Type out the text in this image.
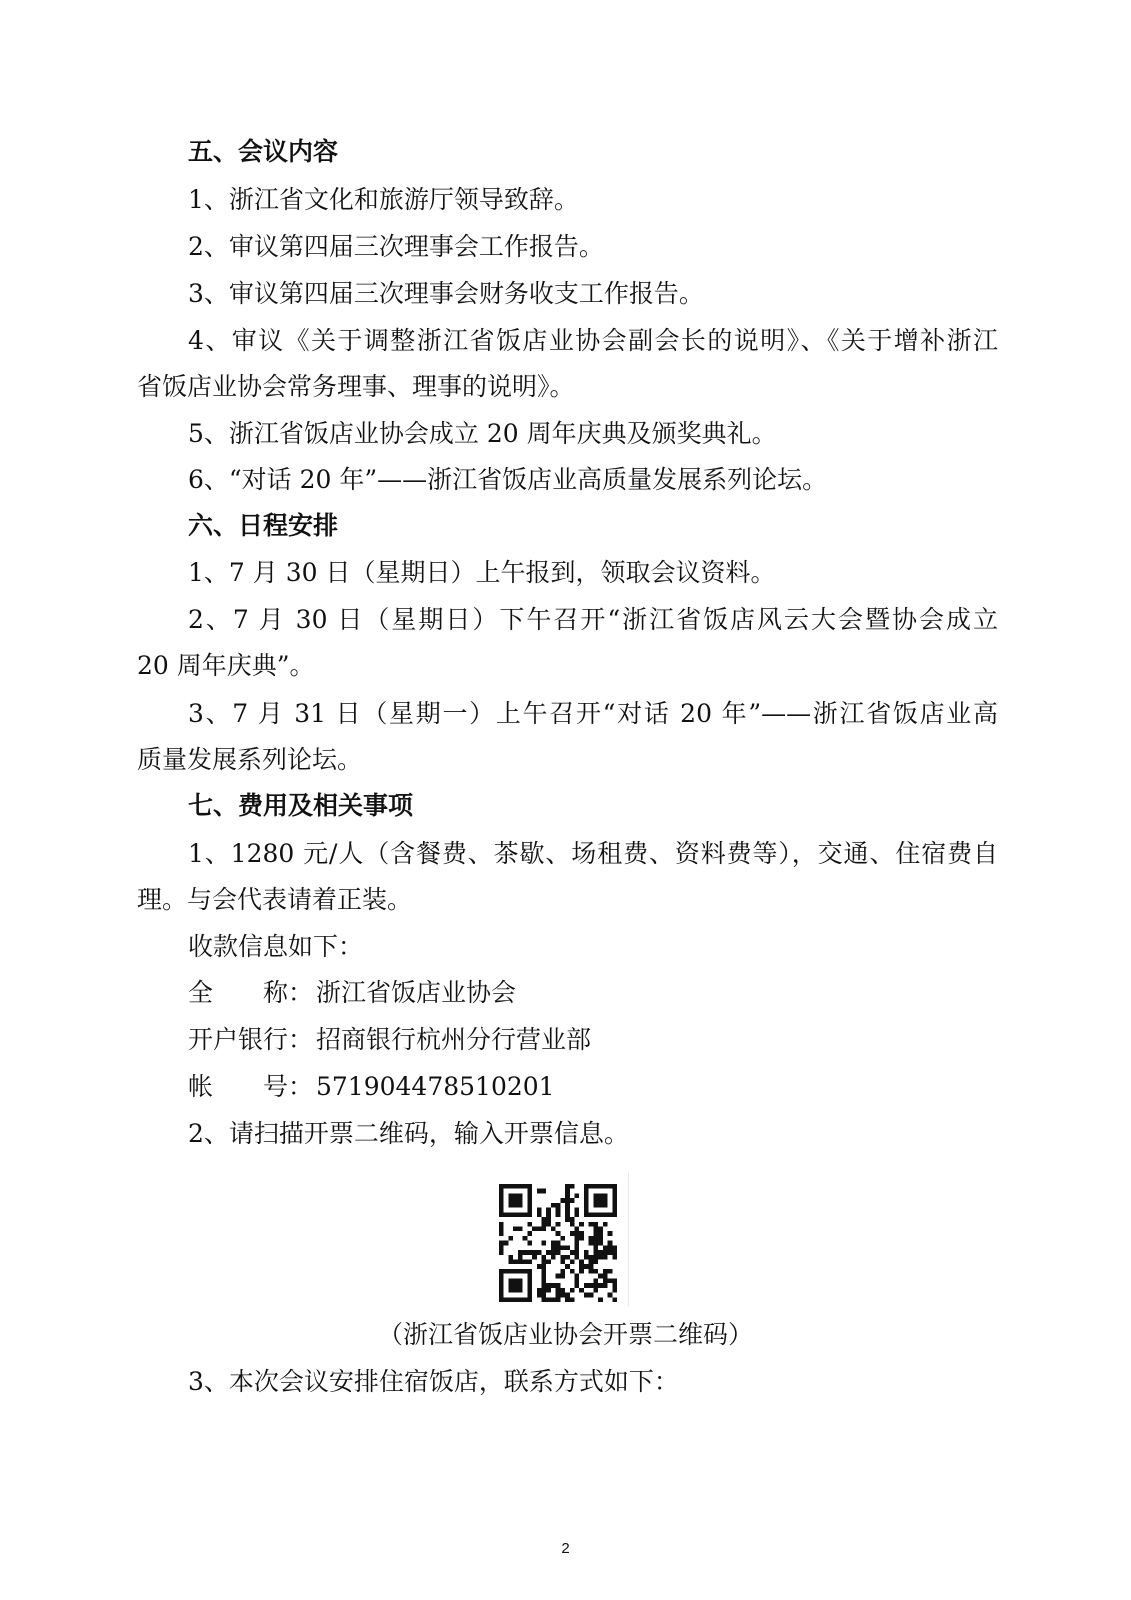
五、会议内容
1、浙江省文化和旅游厅领导致辞。
2、审议第四届三次理事会工作报告。
3、审议第四届三次理事会财务收支工作报告。
4、审议《关于调整浙江省饭店业协会副会长的说明》、《关于增补浙江
省饭店业协会常务理事、理事的说明》。
5、浙江省饭店业协会成立 20 周年庆典及颁奖典礼。
6、“对话 20 年”——浙江省饭店业高质量发展系列论坛。
六、日程安排
1、7 月 30 日（星期日）上午报到，领取会议资料。
2、7 月 30 日（星期日）下午召开“浙江省饭店风云大会暨协会成立
20 周年庆典”。
3、7 月 31 日（星期一）上午召开“对话 20 年”——浙江省饭店业高
质量发展系列论坛。
七、费用及相关事项
1、1280 元/人（含餐费、茶歇、场租费、资料费等），交通、住宿费自
理。与会代表请着正装。
收款信息如下：
全　　称： 浙江省饭店业协会
开户银行： 招商银行杭州分行营业部
帐　　号： 571904478510201
2、请扫描开票二维码，输入开票信息。
（浙江省饭店业协会开票二维码）
3、本次会议安排住宿饭店，联系方式如下：
2
